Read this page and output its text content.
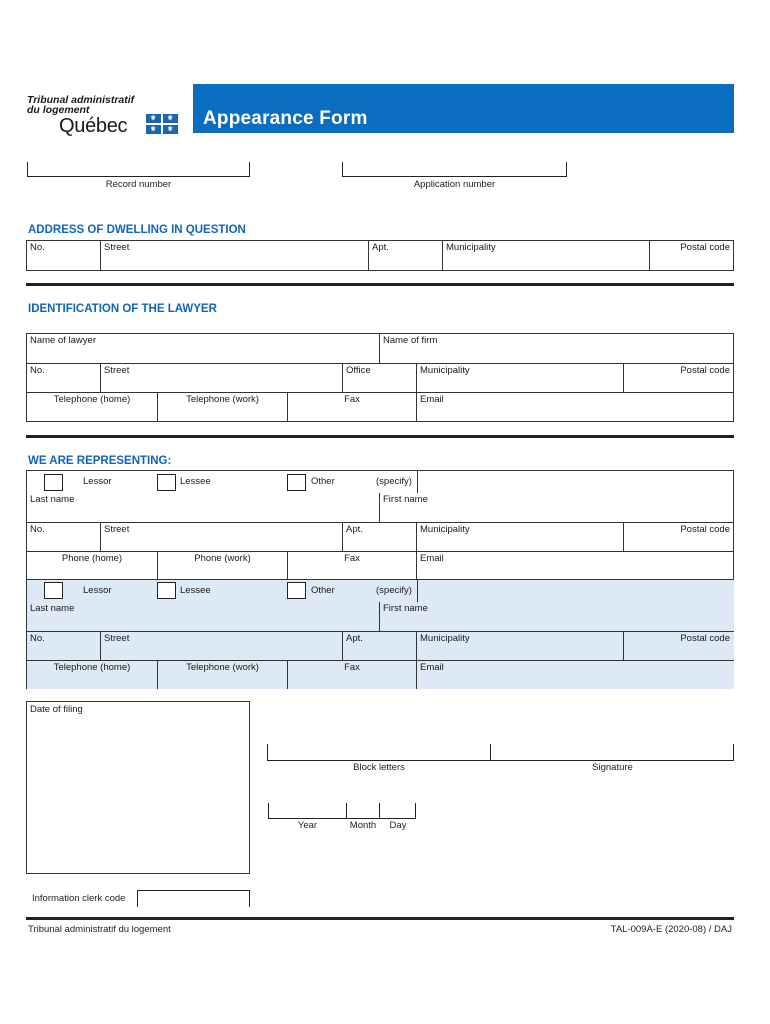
Tribunal administratif
du logement
Québec	⚜ ⚜
⚜ ⚜
Appearance Form
Record number	Application number
ADDRESS OF DWELLING IN QUESTION
No.	Street	Apt.	Municipality	Postal code
IDENTIFICATION OF THE LAWYER
Name of lawyer	Name of firm
No.	Street	Office	Municipality	Postal code
Telephone (home)	Telephone (work)	Fax	Email
WE ARE REPRESENTING:
Lessor	Lessee	Other	(specify)
Last name	First name
No.	Street	Apt.	Municipality	Postal code
Phone (home)	Phone (work)	Fax	Email
Lessor	Lessee	Other	(specify)
Last name	First name
No.	Street	Apt.	Municipality	Postal code
Telephone (home)	Telephone (work)	Fax	Email
Date of filing
Block letters	Signature
Year	Month	Day
Information clerk code
Tribunal administratif du logement	TAL-009A-E (2020-08) / DAJ
